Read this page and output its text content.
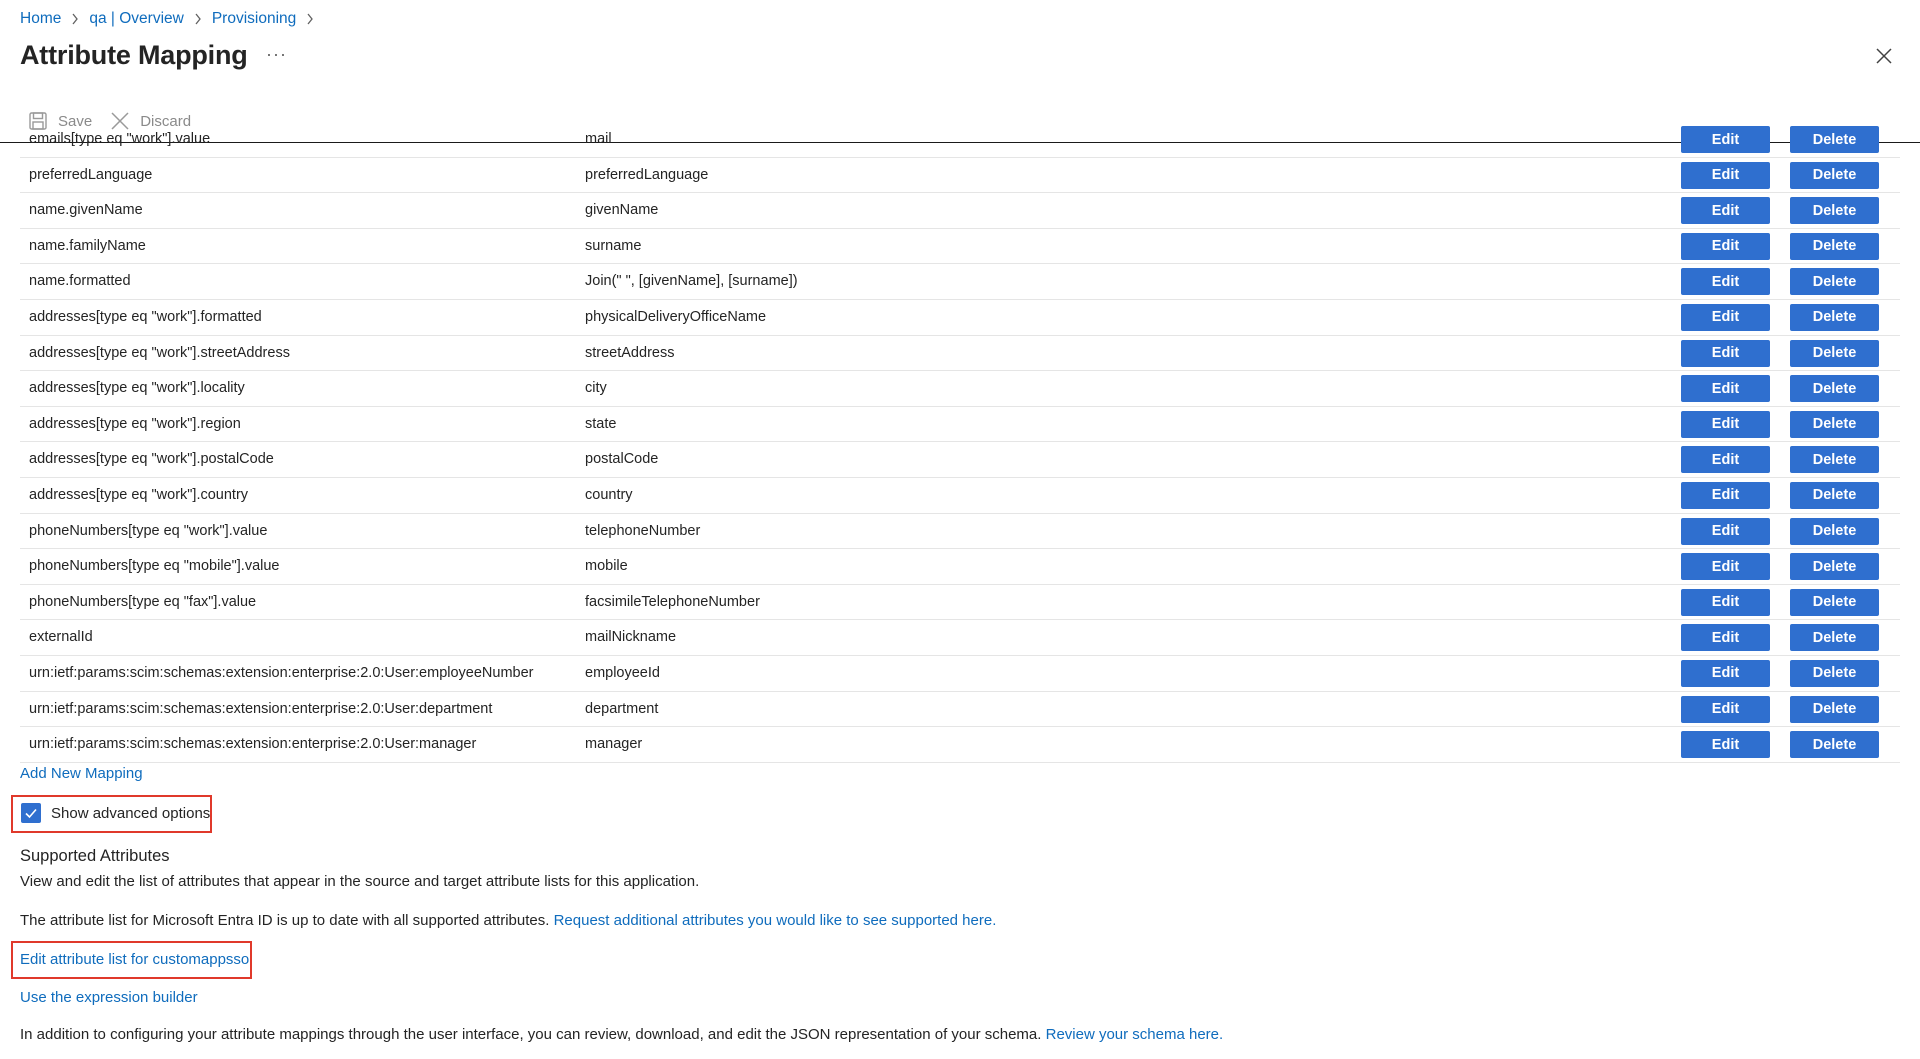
Home qa | Overview Provisioning
Attribute Mapping ···
Save	Discard
emails[type eq "work"].value	mail	Edit	Delete
preferredLanguage	preferredLanguage	Edit	Delete
name.givenName	givenName	Edit	Delete
name.familyName	surname	Edit	Delete
name.formatted	Join(" ", [givenName], [surname])	Edit	Delete
addresses[type eq "work"].formatted	physicalDeliveryOfficeName	Edit	Delete
addresses[type eq "work"].streetAddress	streetAddress	Edit	Delete
addresses[type eq "work"].locality	city	Edit	Delete
addresses[type eq "work"].region	state	Edit	Delete
addresses[type eq "work"].postalCode	postalCode	Edit	Delete
addresses[type eq "work"].country	country	Edit	Delete
phoneNumbers[type eq "work"].value	telephoneNumber	Edit	Delete
phoneNumbers[type eq "mobile"].value	mobile	Edit	Delete
phoneNumbers[type eq "fax"].value	facsimileTelephoneNumber	Edit	Delete
externalId	mailNickname	Edit	Delete
urn:ietf:params:scim:schemas:extension:enterprise:2.0:User:employeeNumber	employeeId	Edit	Delete
urn:ietf:params:scim:schemas:extension:enterprise:2.0:User:department	department	Edit	Delete
urn:ietf:params:scim:schemas:extension:enterprise:2.0:User:manager	manager	Edit	Delete
Add New Mapping
Show advanced options
Supported Attributes
View and edit the list of attributes that appear in the source and target attribute lists for this application.
The attribute list for Microsoft Entra ID is up to date with all supported attributes. Request additional attributes you would like to see supported here.
Edit attribute list for customappsso
Use the expression builder
In addition to configuring your attribute mappings through the user interface, you can review, download, and edit the JSON representation of your schema. Review your schema here.
